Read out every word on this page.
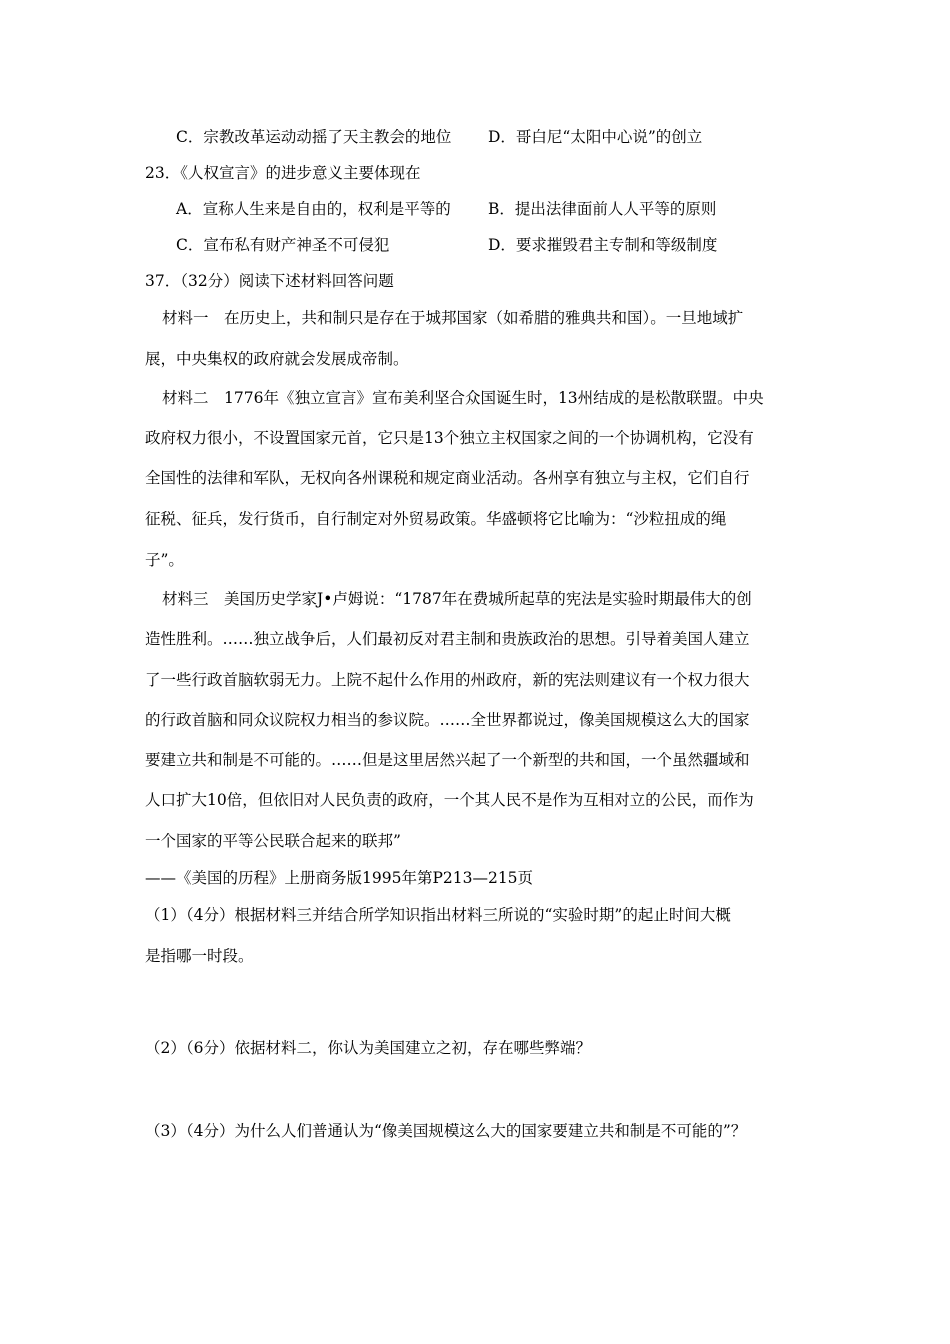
C．宗教改革运动动摇了天主教会的地位 D．哥白尼“太阳中心说”的创立
23．《人权宣言》的进步意义主要体现在
A．宣称人生来是自由的，权利是平等的 B．提出法律面前人人平等的原则
C．宣布私有财产神圣不可侵犯	D．要求摧毁君主专制和等级制度
37．（32分）阅读下述材料回答问题
材料一　在历史上，共和制只是存在于城邦国家（如希腊的雅典共和国）。一旦地域扩
展，中央集权的政府就会发展成帝制。
材料二　1776年《独立宣言》宣布美利坚合众国诞生时，13州结成的是松散联盟。中央
政府权力很小，不设置国家元首，它只是13个独立主权国家之间的一个协调机构，它没有
全国性的法律和军队，无权向各州课税和规定商业活动。各州享有独立与主权，它们自行
征税、征兵，发行货币，自行制定对外贸易政策。华盛顿将它比喻为：“沙粒扭成的绳
子”。
材料三　美国历史学家J•卢姆说：“1787年在费城所起草的宪法是实验时期最伟大的创
造性胜利。……独立战争后，人们最初反对君主制和贵族政治的思想。引导着美国人建立
了一些行政首脑软弱无力。上院不起什么作用的州政府，新的宪法则建议有一个权力很大
的行政首脑和同众议院权力相当的参议院。……全世界都说过，像美国规模这么大的国家
要建立共和制是不可能的。……但是这里居然兴起了一个新型的共和国，一个虽然疆域和
人口扩大10倍，但依旧对人民负责的政府，一个其人民不是作为互相对立的公民，而作为
一个国家的平等公民联合起来的联邦”
——《美国的历程》上册商务版1995年第P213—215页
（1）（4分）根据材料三并结合所学知识指出材料三所说的“实验时期”的起止时间大概
是指哪一时段。
（2）（6分）依据材料二，你认为美国建立之初，存在哪些弊端？
（3）（4分）为什么人们普通认为“像美国规模这么大的国家要建立共和制是不可能的”？
